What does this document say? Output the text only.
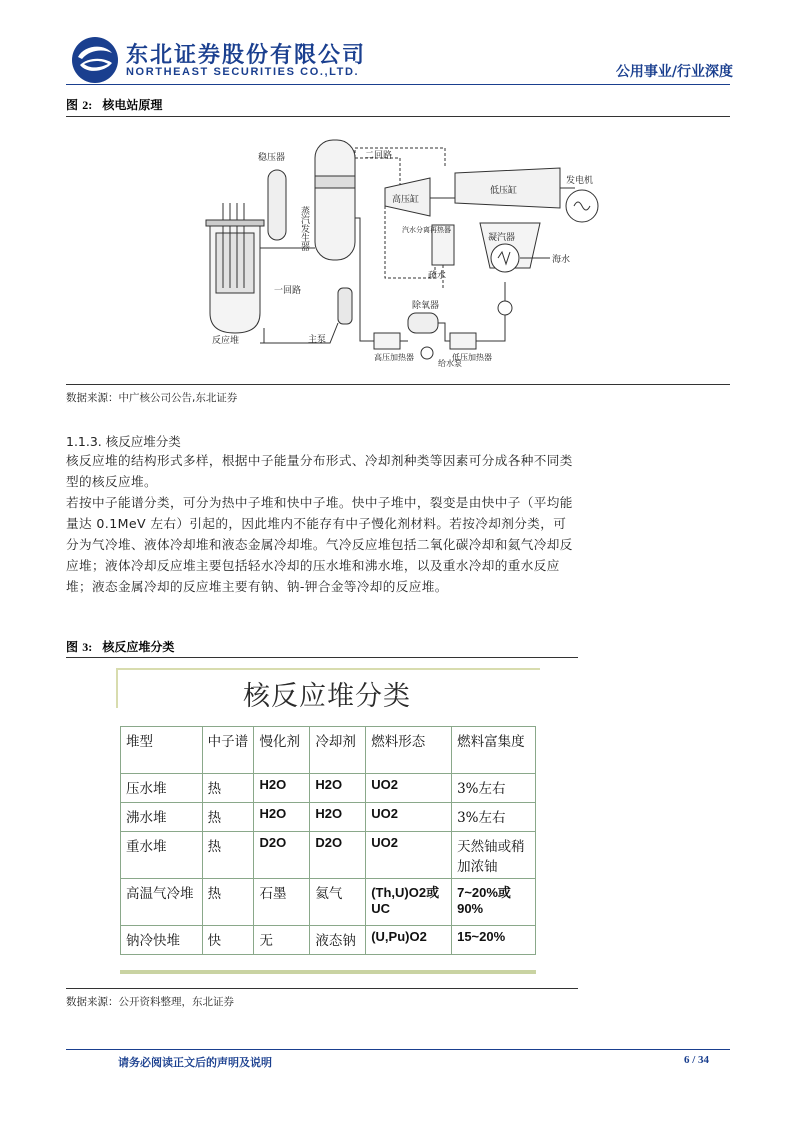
东北证券股份有限公司
NORTHEAST SECURITIES CO.,LTD.	公用事业/行业深度
图 2: 核电站原理
稳压器
蒸汽发生器
二回路
高压缸
低压缸
发电机
汽水分离再热器
凝汽器
海水
疏水
一回路
除氧器
反应堆	主泵
高压加热器
给水泵
低压加热器
数据来源：中广核公司公告,东北证券
1.1.3. 核反应堆分类

核反应堆的结构形式多样，根据中子能量分布形式、冷却剂种类等因素可分成各种不同类型的核反应堆。

若按中子能谱分类，可分为热中子堆和快中子堆。快中子堆中，裂变是由快中子（平均能量达 0.1MeV 左右）引起的，因此堆内不能存有中子慢化剂材料。若按冷却剂分类，可分为气冷堆、液体冷却堆和液态金属冷却堆。气冷反应堆包括二氧化碳冷却和氦气冷却反应堆；液体冷却反应堆主要包括轻水冷却的压水堆和沸水堆，以及重水冷却的重水反应堆；液态金属冷却的反应堆主要有钠、钠-钾合金等冷却的反应堆。

图 3: 核反应堆分类
核反应堆分类
堆型	中子谱	慢化剂	冷却剂	燃料形态	燃料富集度
压水堆	热	H2O	H2O	UO2	3%左右
沸水堆	热	H2O	H2O	UO2	3%左右
重水堆	热	D2O	D2O	UO2	天然铀或稍加浓铀
高温气冷堆	热	石墨	氦气	(Th,U)O2或UC	7~20%或90%
钠冷快堆	快	无	液态钠	(U,Pu)O2	15~20%
数据来源：公开资料整理，东北证券
请务必阅读正文后的声明及说明	6 / 34
